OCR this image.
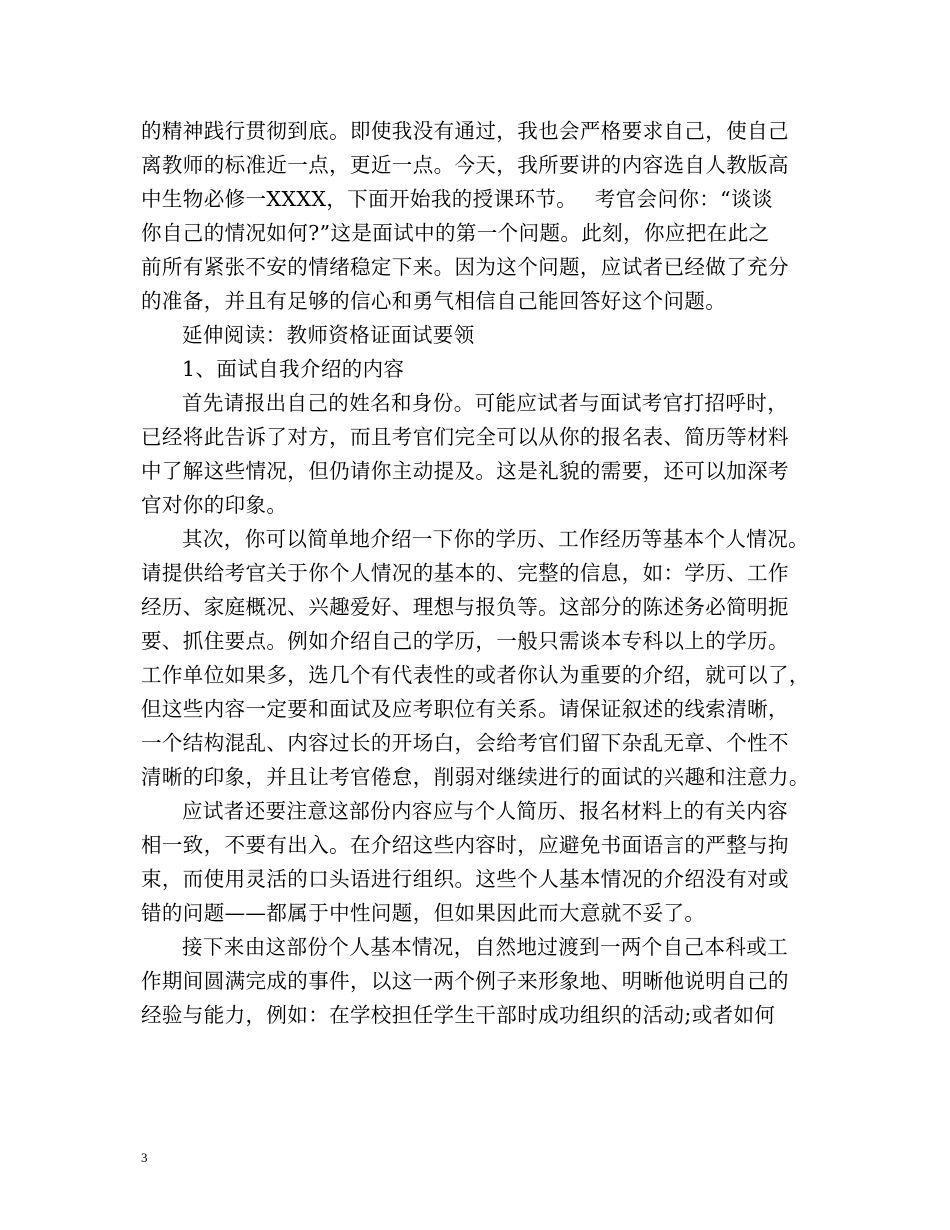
的精神践行贯彻到底。即使我没有通过，我也会严格要求自己，使自己
离教师的标准近一点，更近一点。今天，我所要讲的内容选自人教版高
中生物必修一XXXX，下面开始我的授课环节。　 考官会问你：“谈谈
你自己的情况如何?”这是面试中的第一个问题。此刻，你应把在此之
前所有紧张不安的情绪稳定下来。因为这个问题，应试者已经做了充分
的准备，并且有足够的信心和勇气相信自己能回答好这个问题。
延伸阅读：教师资格证面试要领
1、面试自我介绍的内容
首先请报出自己的姓名和身份。可能应试者与面试考官打招呼时，
已经将此告诉了对方，而且考官们完全可以从你的报名表、简历等材料
中了解这些情况，但仍请你主动提及。这是礼貌的需要，还可以加深考
官对你的印象。
其次，你可以简单地介绍一下你的学历、工作经历等基本个人情况。
请提供给考官关于你个人情况的基本的、完整的信息，如：学历、工作
经历、家庭概况、兴趣爱好、理想与报负等。这部分的陈述务必简明扼
要、抓住要点。例如介绍自己的学历，一般只需谈本专科以上的学历。
工作单位如果多，选几个有代表性的或者你认为重要的介绍，就可以了，
但这些内容一定要和面试及应考职位有关系。请保证叙述的线索清晰，
一个结构混乱、内容过长的开场白，会给考官们留下杂乱无章、个性不
清晰的印象，并且让考官倦怠，削弱对继续进行的面试的兴趣和注意力。
应试者还要注意这部份内容应与个人简历、报名材料上的有关内容
相一致，不要有出入。在介绍这些内容时，应避免书面语言的严整与拘
束，而使用灵活的口头语进行组织。这些个人基本情况的介绍没有对或
错的问题——都属于中性问题，但如果因此而大意就不妥了。
接下来由这部份个人基本情况，自然地过渡到一两个自己本科或工
作期间圆满完成的事件，以这一两个例子来形象地、明晰他说明自己的
经验与能力，例如：在学校担任学生干部时成功组织的活动;或者如何
3
